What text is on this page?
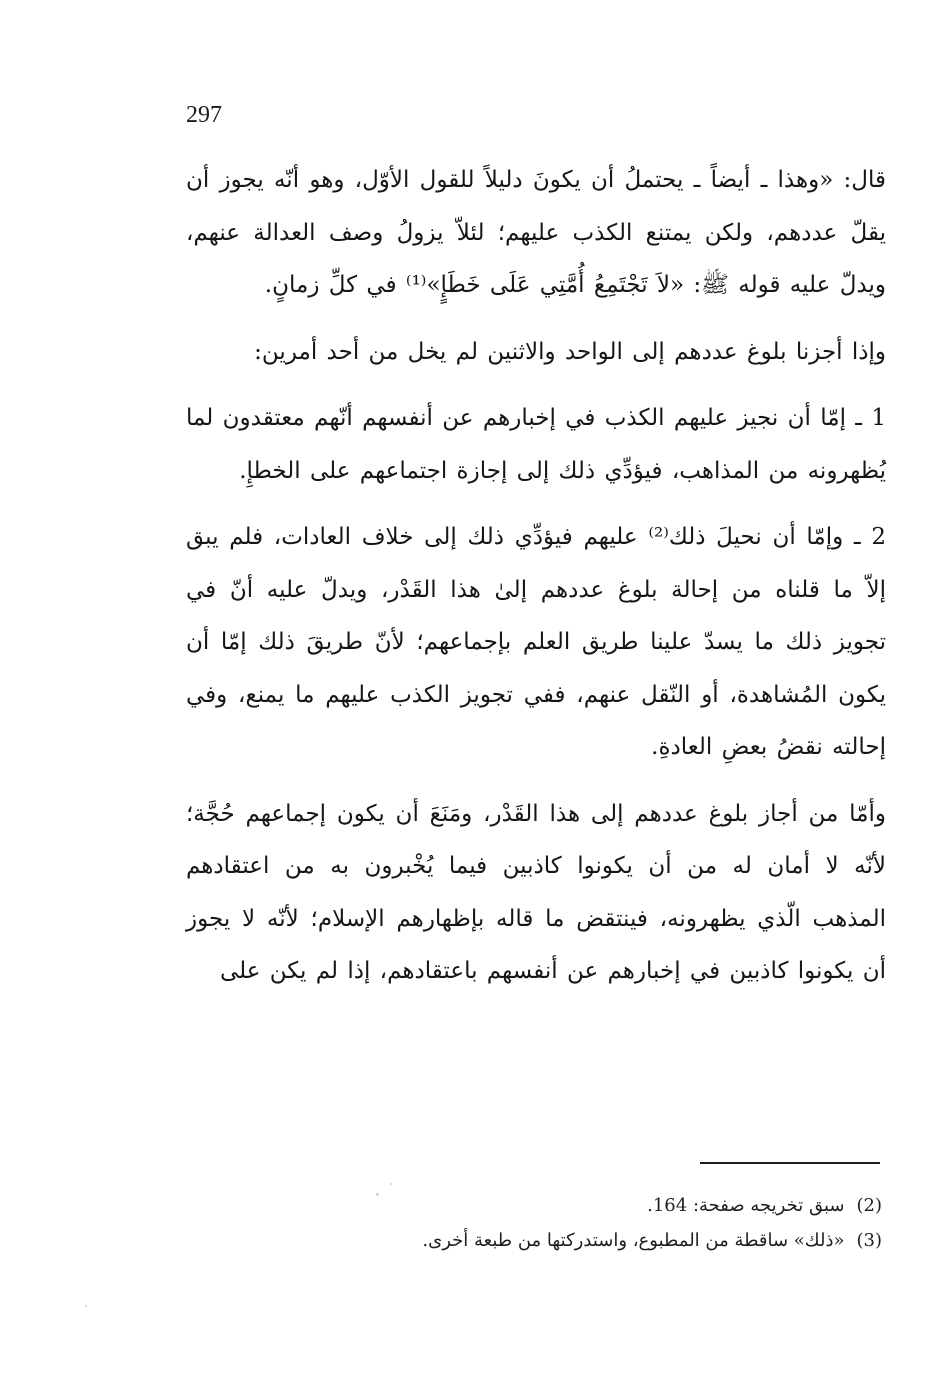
297

قال: «وهذا ـ أيضاً ـ يحتملُ أن يكونَ دليلاً للقول الأوّل، وهو أنّه يجوز أن يقلّ عددهم، ولكن يمتنع الكذب عليهم؛ لئلاّ يزولُ وصف العدالة عنهم، ويدلّ عليه قوله ﷺ: «لاَ تَجْتَمِعُ أُمَّتِي عَلَى خَطَإٍ»⁽¹⁾ في كلِّ زمانٍ.

وإذا أجزنا بلوغ عددهم إلى الواحد والاثنين لم يخل من أحد أمرين:

1 ـ إمّا أن نجيز عليهم الكذب في إخبارهم عن أنفسهم أنّهم معتقدون لما يُظهرونه من المذاهب، فيؤدِّي ذلك إلى إجازة اجتماعهم على الخطإِ.

2 ـ وإمّا أن نحيلَ ذلك⁽²⁾ عليهم فيؤدِّي ذلك إلى خلاف العادات، فلم يبق إلاّ ما قلناه من إحالة بلوغ عددهم إلىٰ هذا القَدْر، ويدلّ عليه أنّ في تجويز ذلك ما يسدّ علينا طريق العلم بإجماعهم؛ لأنّ طريقَ ذلك إمّا أن يكون المُشاهدة، أو النّقل عنهم، ففي تجويز الكذب عليهم ما يمنع، وفي إحالته نقضُ بعضِ العادةِ.

وأمّا من أجاز بلوغ عددهم إلى هذا القَدْر، ومَنَعَ أن يكون إجماعهم حُجَّة؛ لأنّه لا أمان له من أن يكونوا كاذبين فيما يُخْبرون به من اعتقادهم المذهب الّذي يظهرونه، فينتقض ما قاله بإظهارهم الإسلام؛ لأنّه لا يجوز أن يكونوا كاذبين في إخبارهم عن أنفسهم باعتقادهم، إذا لم يكن على

(2)سبق تخريجه صفحة: 164.

(3)«ذلك» ساقطة من المطبوع، واستدركتها من طبعة أخرى.
